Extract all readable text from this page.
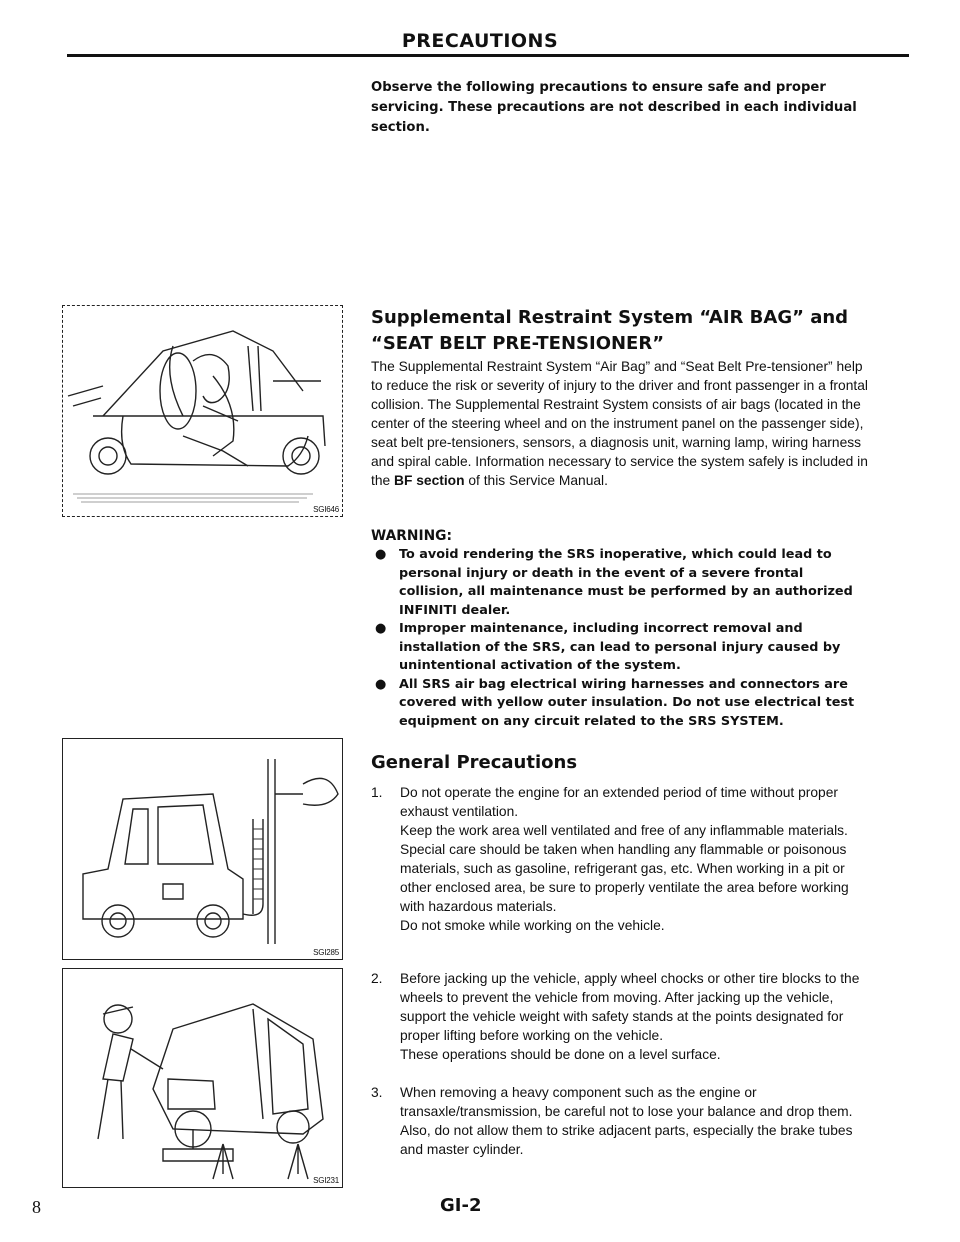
PRECAUTIONS
Observe the following precautions to ensure safe and proper servicing. These precautions are not described in each individual section.
SGI646
SGI285
SGI231
Supplemental Restraint System “AIR BAG” and “SEAT BELT PRE-TENSIONER”
The Supplemental Restraint System “Air Bag” and “Seat Belt Pre-tensioner” help to reduce the risk or severity of injury to the driver and front passenger in a frontal collision. The Supplemental Restraint System consists of air bags (located in the center of the steering wheel and on the instrument panel on the passenger side), seat belt pre-tensioners, sensors, a diagnosis unit, warning lamp, wiring harness and spiral cable. Information necessary to service the system safely is included in the BF section of this Service Manual.
WARNING:
● To avoid rendering the SRS inoperative, which could lead to personal injury or death in the event of a severe frontal collision, all maintenance must be performed by an authorized INFINITI dealer.
● Improper maintenance, including incorrect removal and installation of the SRS, can lead to personal injury caused by unintentional activation of the system.
● All SRS air bag electrical wiring harnesses and connectors are covered with yellow outer insulation. Do not use electrical test equipment on any circuit related to the SRS SYSTEM.
General Precautions
1. Do not operate the engine for an extended period of time without proper exhaust ventilation.

Keep the work area well ventilated and free of any inflammable materials. Special care should be taken when handling any flammable or poisonous materials, such as gasoline, refrigerant gas, etc. When working in a pit or other enclosed area, be sure to properly ventilate the area before working with hazardous materials.

Do not smoke while working on the vehicle.

2. Before jacking up the vehicle, apply wheel chocks or other tire blocks to the wheels to prevent the vehicle from moving. After jacking up the vehicle, support the vehicle weight with safety stands at the points designated for proper lifting before working on the vehicle.

These operations should be done on a level surface.

3. When removing a heavy component such as the engine or transaxle/transmission, be careful not to lose your balance and drop them. Also, do not allow them to strike adjacent parts, especially the brake tubes and master cylinder.

8	GI-2
